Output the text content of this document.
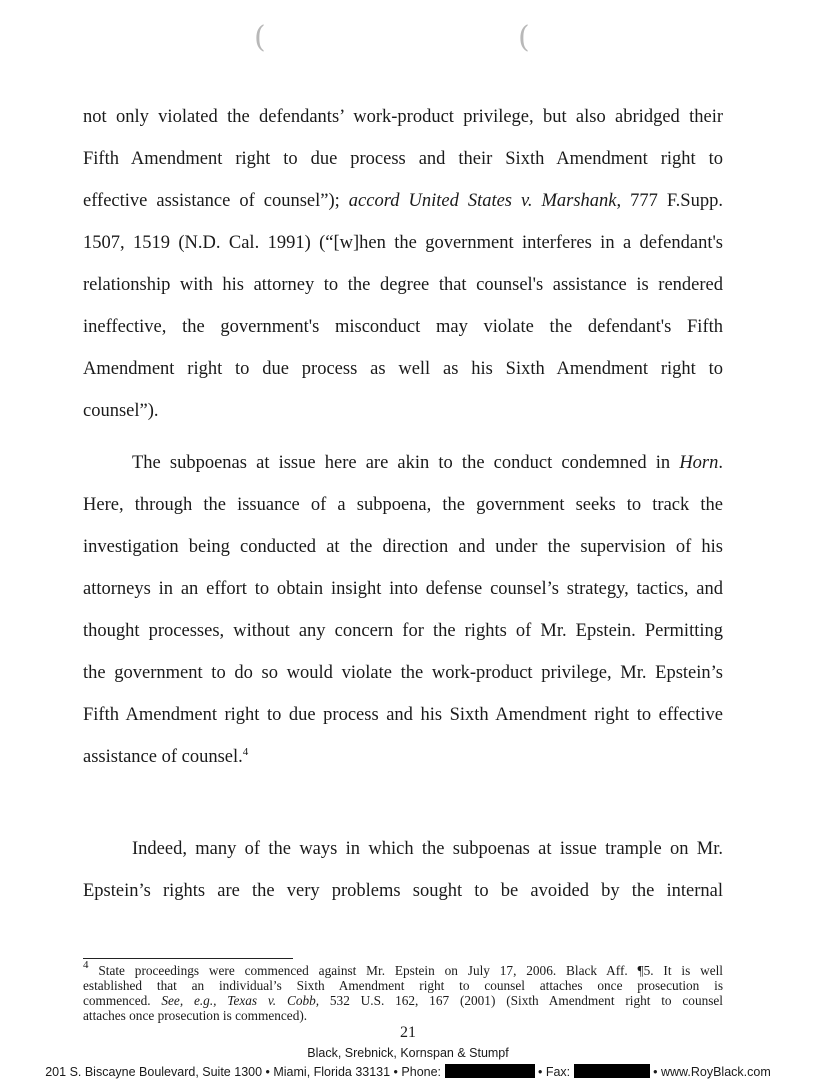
(	(
not only violated the defendants’ work-product privilege, but also abridged their
Fifth Amendment right to due process and their Sixth Amendment right to
effective assistance of counsel”); accord United States v. Marshank, 777 F.Supp.
1507, 1519 (N.D. Cal. 1991) (“[w]hen the government interferes in a defendant's
relationship with his attorney to the degree that counsel's assistance is rendered
ineffective, the government's misconduct may violate the defendant's Fifth
Amendment right to due process as well as his Sixth Amendment right to
counsel”).
The subpoenas at issue here are akin to the conduct condemned in Horn.
Here, through the issuance of a subpoena, the government seeks to track the
investigation being conducted at the direction and under the supervision of his
attorneys in an effort to obtain insight into defense counsel’s strategy, tactics, and
thought processes, without any concern for the rights of Mr. Epstein. Permitting
the government to do so would violate the work-product privilege, Mr. Epstein’s
Fifth Amendment right to due process and his Sixth Amendment right to effective
assistance of counsel.$^4$
Indeed, many of the ways in which the subpoenas at issue trample on Mr.
Epstein’s rights are the very problems sought to be avoided by the internal
$^4$ State proceedings were commenced against Mr. Epstein on July 17, 2006. Black Aff. ¶5. It is well
established that an individual’s Sixth Amendment right to counsel attaches once prosecution is
commenced. See, e.g., Texas v. Cobb, 532 U.S. 162, 167 (2001) (Sixth Amendment right to counsel
attaches once prosecution is commenced).
21
Black, Srebnick, Kornspan & Stumpf
201 S. Biscayne Boulevard, Suite 1300 • Miami, Florida 33131 • Phone:	• Fax:	• www.RoyBlack.com
